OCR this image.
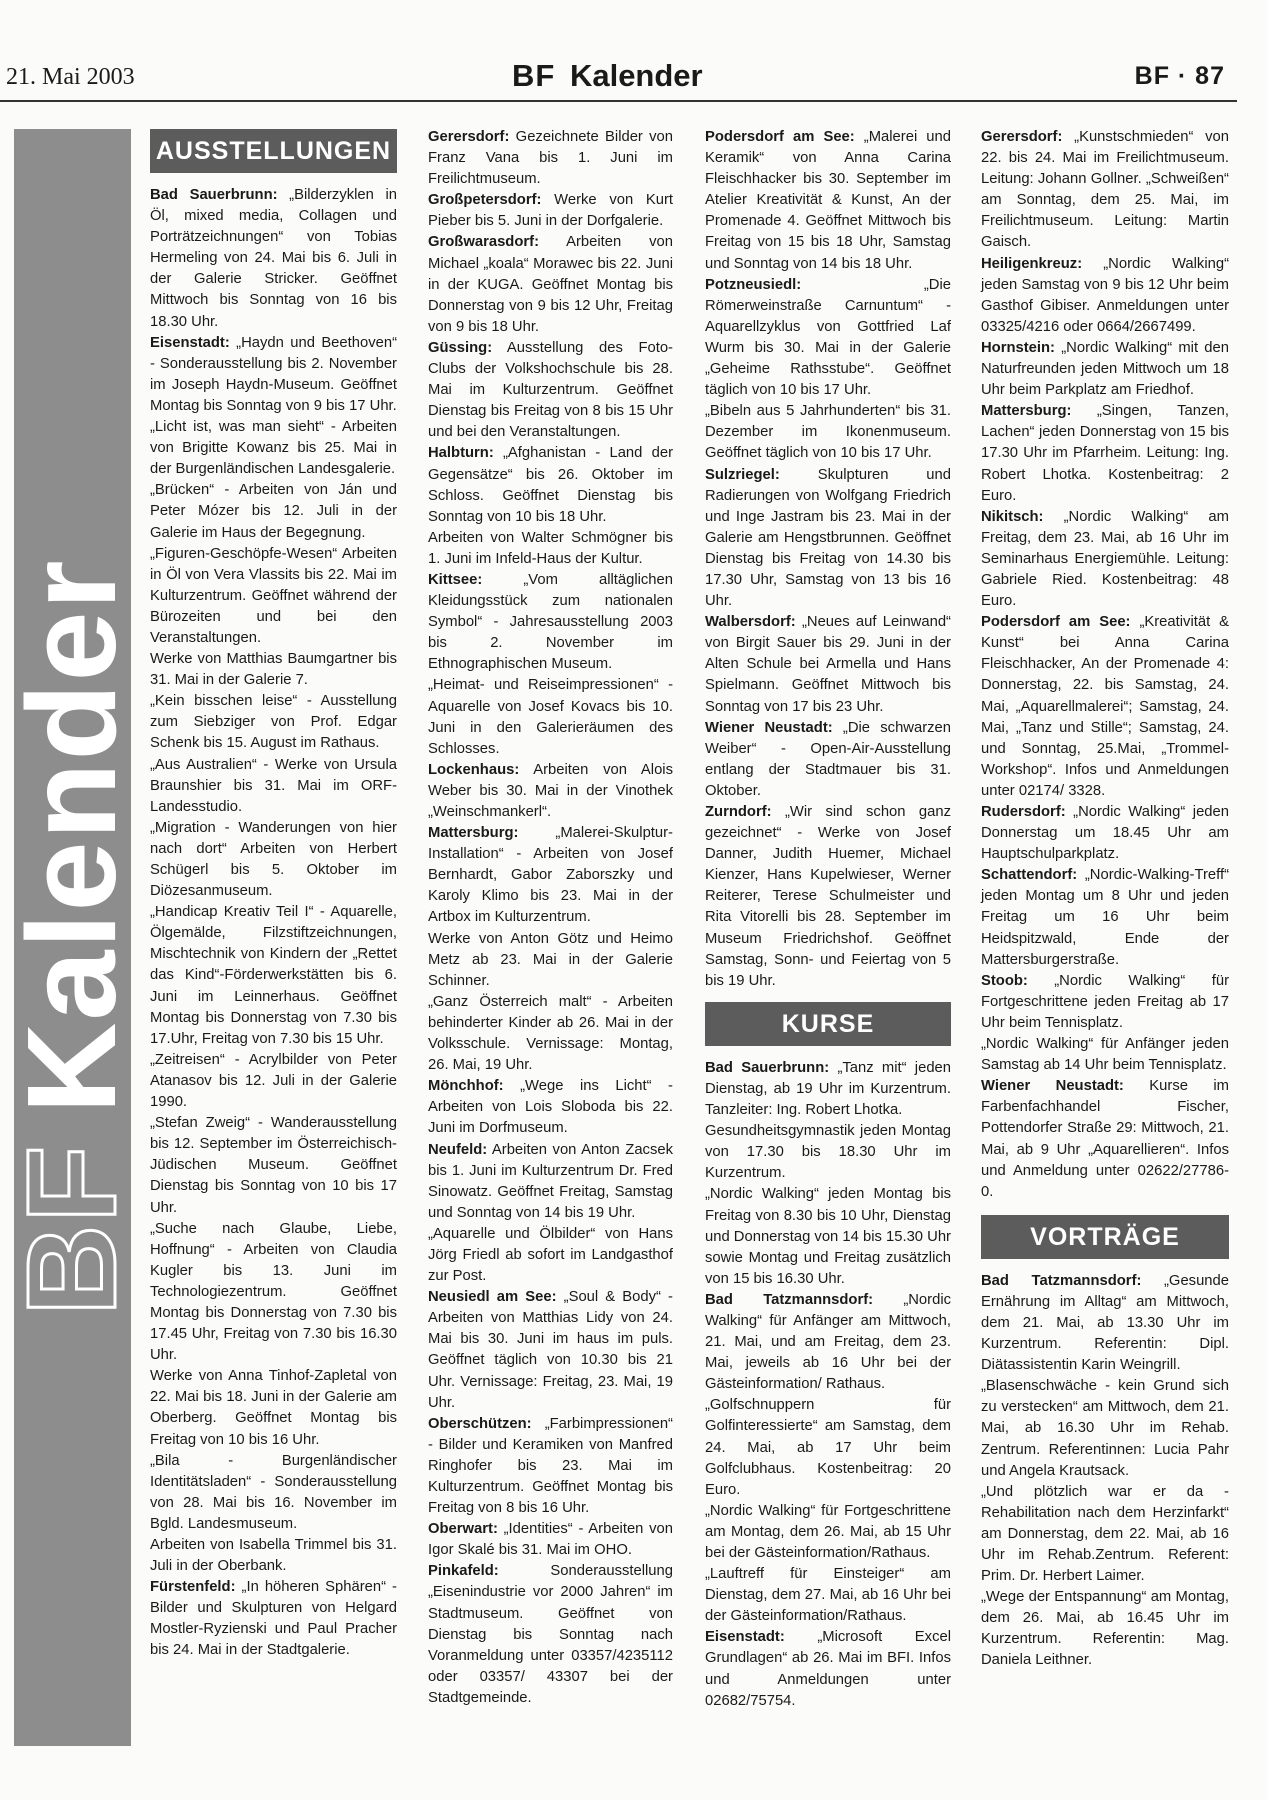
21. Mai 2003	BF Kalender	BF · 87
BFKalender
AUSSTELLUNGEN

Bad Sauerbrunn: „Bilderzyklen in Öl, mixed media, Collagen und Porträtzeichnungen“ von Tobias Hermeling von 24. Mai bis 6. Juli in der Galerie Stricker. Geöffnet Mittwoch bis Sonntag von 16 bis 18.30 Uhr.

Eisenstadt: „Haydn und Beethoven“ - Sonderausstellung bis 2. November im Joseph Haydn-Museum. Geöffnet Montag bis Sonntag von 9 bis 17 Uhr.

„Licht ist, was man sieht“ - Arbeiten von Brigitte Kowanz bis 25. Mai in der Burgenländischen Landesgalerie.

„Brücken“ - Arbeiten von Ján und Peter Mózer bis 12. Juli in der Galerie im Haus der Begegnung.

„Figuren-Geschöpfe-Wesen“ Arbeiten in Öl von Vera Vlassits bis 22. Mai im Kulturzentrum. Geöffnet während der Bürozeiten und bei den Veranstaltungen.

Werke von Matthias Baumgartner bis 31. Mai in der Galerie 7.

„Kein bisschen leise“ - Ausstellung zum Siebziger von Prof. Edgar Schenk bis 15. August im Rathaus.

„Aus Australien“ - Werke von Ursula Braunshier bis 31. Mai im ORF-Landesstudio.

„Migration - Wanderungen von hier nach dort“ Arbeiten von Herbert Schügerl bis 5. Oktober im Diözesanmuseum.

„Handicap Kreativ Teil I“ - Aquarelle, Ölgemälde, Filzstiftzeichnungen, Mischtechnik von Kindern der „Rettet das Kind“-Förderwerkstätten bis 6. Juni im Leinnerhaus. Geöffnet Montag bis Donnerstag von 7.30 bis 17.Uhr, Freitag von 7.30 bis 15 Uhr.

„Zeitreisen“ - Acrylbilder von Peter Atanasov bis 12. Juli in der Galerie 1990.

„Stefan Zweig“ - Wanderausstellung bis 12. September im Österreichisch-Jüdischen Museum. Geöffnet Dienstag bis Sonntag von 10 bis 17 Uhr.

„Suche nach Glaube, Liebe, Hoffnung“ - Arbeiten von Claudia Kugler bis 13. Juni im Technologiezentrum. Geöffnet Montag bis Donnerstag von 7.30 bis 17.45 Uhr, Freitag von 7.30 bis 16.30 Uhr.

Werke von Anna Tinhof-Zapletal von 22. Mai bis 18. Juni in der Galerie am Oberberg. Geöffnet Montag bis Freitag von 10 bis 16 Uhr.

„Bila - Burgenländischer Identitätsladen“ - Sonderausstellung von 28. Mai bis 16. November im Bgld. Landesmuseum.

Arbeiten von Isabella Trimmel bis 31. Juli in der Oberbank.

Fürstenfeld: „In höheren Sphären“ - Bilder und Skulpturen von Helgard Mostler-Ryzienski und Paul Pracher bis 24. Mai in der Stadtgalerie.

Gerersdorf: Gezeichnete Bilder von Franz Vana bis 1. Juni im Freilichtmuseum.

Großpetersdorf: Werke von Kurt Pieber bis 5. Juni in der Dorfgalerie.

Großwarasdorf: Arbeiten von Michael „koala“ Morawec bis 22. Juni in der KUGA. Geöffnet Montag bis Donnerstag von 9 bis 12 Uhr, Freitag von 9 bis 18 Uhr.

Güssing: Ausstellung des Foto-Clubs der Volkshochschule bis 28. Mai im Kulturzentrum. Geöffnet Dienstag bis Freitag von 8 bis 15 Uhr und bei den Veranstaltungen.

Halbturn: „Afghanistan - Land der Gegensätze“ bis 26. Oktober im Schloss. Geöffnet Dienstag bis Sonntag von 10 bis 18 Uhr.

Arbeiten von Walter Schmögner bis 1. Juni im Infeld-Haus der Kultur.

Kittsee: „Vom alltäglichen Kleidungsstück zum nationalen Symbol“ - Jahresausstellung 2003 bis 2. November im Ethnographischen Museum.

„Heimat- und Reiseimpressionen“ - Aquarelle von Josef Kovacs bis 10. Juni in den Galerieräumen des Schlosses.

Lockenhaus: Arbeiten von Alois Weber bis 30. Mai in der Vinothek „Weinschmankerl“.

Mattersburg: „Malerei-Skulptur-Installation“ - Arbeiten von Josef Bernhardt, Gabor Zaborszky und Karoly Klimo bis 23. Mai in der Artbox im Kulturzentrum.

Werke von Anton Götz und Heimo Metz ab 23. Mai in der Galerie Schinner.

„Ganz Österreich malt“ - Arbeiten behinderter Kinder ab 26. Mai in der Volksschule. Vernissage: Montag, 26. Mai, 19 Uhr.

Mönchhof: „Wege ins Licht“ - Arbeiten von Lois Sloboda bis 22. Juni im Dorfmuseum.

Neufeld: Arbeiten von Anton Zacsek bis 1. Juni im Kulturzentrum Dr. Fred Sinowatz. Geöffnet Freitag, Samstag und Sonntag von 14 bis 19 Uhr.

„Aquarelle und Ölbilder“ von Hans Jörg Friedl ab sofort im Landgasthof zur Post.

Neusiedl am See: „Soul & Body“ - Arbeiten von Matthias Lidy von 24. Mai bis 30. Juni im haus im puls. Geöffnet täglich von 10.30 bis 21 Uhr. Vernissage: Freitag, 23. Mai, 19 Uhr.

Oberschützen: „Farbimpressionen“ - Bilder und Keramiken von Manfred Ringhofer bis 23. Mai im Kulturzentrum. Geöffnet Montag bis Freitag von 8 bis 16 Uhr.

Oberwart: „Identities“ - Arbeiten von Igor Skalé bis 31. Mai im OHO.

Pinkafeld: Sonderausstellung „Eisenindustrie vor 2000 Jahren“ im Stadtmuseum. Geöffnet von Dienstag bis Sonntag nach Voranmeldung unter 03357/4235112 oder 03357/ 43307 bei der Stadtgemeinde.

Podersdorf am See: „Malerei und Keramik“ von Anna Carina Fleischhacker bis 30. September im Atelier Kreativität & Kunst, An der Promenade 4. Geöffnet Mittwoch bis Freitag von 15 bis 18 Uhr, Samstag und Sonntag von 14 bis 18 Uhr.

Potzneusiedl: „Die Römerweinstraße Carnuntum“ - Aquarellzyklus von Gottfried Laf Wurm bis 30. Mai in der Galerie „Geheime Rathsstube“. Geöffnet täglich von 10 bis 17 Uhr.

„Bibeln aus 5 Jahrhunderten“ bis 31. Dezember im Ikonenmuseum. Geöffnet täglich von 10 bis 17 Uhr.

Sulzriegel: Skulpturen und Radierungen von Wolfgang Friedrich und Inge Jastram bis 23. Mai in der Galerie am Hengstbrunnen. Geöffnet Dienstag bis Freitag von 14.30 bis 17.30 Uhr, Samstag von 13 bis 16 Uhr.

Walbersdorf: „Neues auf Leinwand“ von Birgit Sauer bis 29. Juni in der Alten Schule bei Armella und Hans Spielmann. Geöffnet Mittwoch bis Sonntag von 17 bis 23 Uhr.

Wiener Neustadt: „Die schwarzen Weiber“ - Open-Air-Ausstellung entlang der Stadtmauer bis 31. Oktober.

Zurndorf: „Wir sind schon ganz gezeichnet“ - Werke von Josef Danner, Judith Huemer, Michael Kienzer, Hans Kupelwieser, Werner Reiterer, Terese Schulmeister und Rita Vitorelli bis 28. September im Museum Friedrichshof. Geöffnet Samstag, Sonn- und Feiertag von 5 bis 19 Uhr.

KURSE

Bad Sauerbrunn: „Tanz mit“ jeden Dienstag, ab 19 Uhr im Kurzentrum. Tanzleiter: Ing. Robert Lhotka.

Gesundheitsgymnastik jeden Montag von 17.30 bis 18.30 Uhr im Kurzentrum.

„Nordic Walking“ jeden Montag bis Freitag von 8.30 bis 10 Uhr, Dienstag und Donnerstag von 14 bis 15.30 Uhr sowie Montag und Freitag zusätzlich von 15 bis 16.30 Uhr.

Bad Tatzmannsdorf: „Nordic Walking“ für Anfänger am Mittwoch, 21. Mai, und am Freitag, dem 23. Mai, jeweils ab 16 Uhr bei der Gästeinformation/ Rathaus.

„Golfschnuppern für Golfinteressierte“ am Samstag, dem 24. Mai, ab 17 Uhr beim Golfclubhaus. Kostenbeitrag: 20 Euro.

„Nordic Walking“ für Fortgeschrittene am Montag, dem 26. Mai, ab 15 Uhr bei der Gästeinformation/Rathaus.

„Lauftreff für Einsteiger“ am Dienstag, dem 27. Mai, ab 16 Uhr bei der Gästeinformation/Rathaus.

Eisenstadt: „Microsoft Excel Grundlagen“ ab 26. Mai im BFI. Infos und Anmeldungen unter 02682/75754.

Gerersdorf: „Kunstschmieden“ von 22. bis 24. Mai im Freilichtmuseum. Leitung: Johann Gollner. „Schweißen“ am Sonntag, dem 25. Mai, im Freilichtmuseum. Leitung: Martin Gaisch.

Heiligenkreuz: „Nordic Walking“ jeden Samstag von 9 bis 12 Uhr beim Gasthof Gibiser. Anmeldungen unter 03325/4216 oder 0664/2667499.

Hornstein: „Nordic Walking“ mit den Naturfreunden jeden Mittwoch um 18 Uhr beim Parkplatz am Friedhof.

Mattersburg: „Singen, Tanzen, Lachen“ jeden Donnerstag von 15 bis 17.30 Uhr im Pfarrheim. Leitung: Ing. Robert Lhotka. Kostenbeitrag: 2 Euro.

Nikitsch: „Nordic Walking“ am Freitag, dem 23. Mai, ab 16 Uhr im Seminarhaus Energiemühle. Leitung: Gabriele Ried. Kostenbeitrag: 48 Euro.

Podersdorf am See: „Kreativität & Kunst“ bei Anna Carina Fleischhacker, An der Promenade 4: Donnerstag, 22. bis Samstag, 24. Mai, „Aquarellmalerei“; Samstag, 24. Mai, „Tanz und Stille“; Samstag, 24. und Sonntag, 25.Mai, „Trommel-Workshop“. Infos und Anmeldungen unter 02174/ 3328.

Rudersdorf: „Nordic Walking“ jeden Donnerstag um 18.45 Uhr am Hauptschulparkplatz.

Schattendorf: „Nordic-Walking-Treff“ jeden Montag um 8 Uhr und jeden Freitag um 16 Uhr beim Heidspitzwald, Ende der Mattersburgerstraße.

Stoob: „Nordic Walking“ für Fortgeschrittene jeden Freitag ab 17 Uhr beim Tennisplatz.

„Nordic Walking“ für Anfänger jeden Samstag ab 14 Uhr beim Tennisplatz.

Wiener Neustadt: Kurse im Farbenfachhandel Fischer, Pottendorfer Straße 29: Mittwoch, 21. Mai, ab 9 Uhr „Aquarellieren“. Infos und Anmeldung unter 02622/27786-0.

VORTRÄGE

Bad Tatzmannsdorf: „Gesunde Ernährung im Alltag“ am Mittwoch, dem 21. Mai, ab 13.30 Uhr im Kurzentrum. Referentin: Dipl. Diätassistentin Karin Weingrill.

„Blasenschwäche - kein Grund sich zu verstecken“ am Mittwoch, dem 21. Mai, ab 16.30 Uhr im Rehab. Zentrum. Referentinnen: Lucia Pahr und Angela Krautsack.

„Und plötzlich war er da - Rehabilitation nach dem Herzinfarkt“ am Donnerstag, dem 22. Mai, ab 16 Uhr im Rehab.Zentrum. Referent: Prim. Dr. Herbert Laimer.

„Wege der Entspannung“ am Montag, dem 26. Mai, ab 16.45 Uhr im Kurzentrum. Referentin: Mag. Daniela Leithner.
